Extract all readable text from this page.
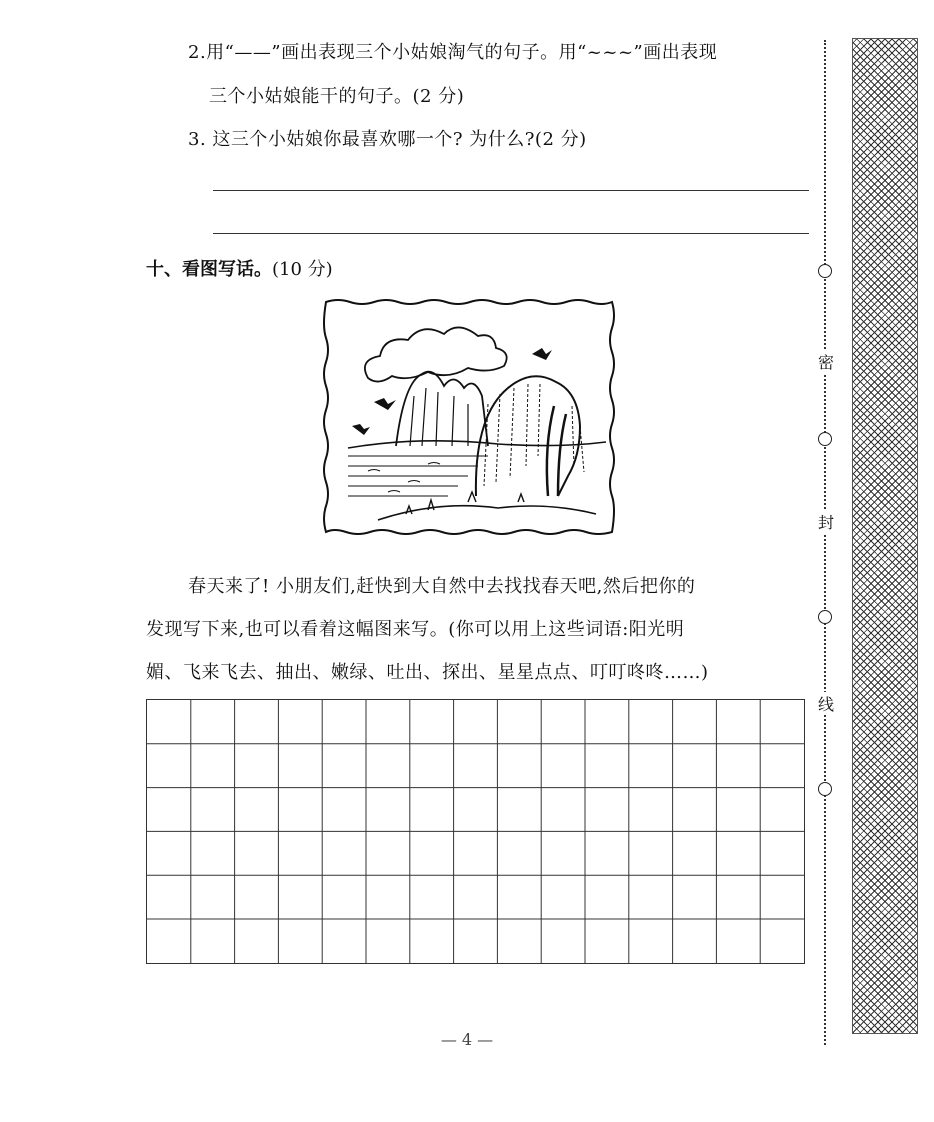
2.用“——”画出表现三个小姑娘淘气的句子。用“~~~”画出表现
三个小姑娘能干的句子。(2 分)
3. 这三个小姑娘你最喜欢哪一个? 为什么?(2 分)
十、看图写话。(10 分)
春天来了! 小朋友们,赶快到大自然中去找找春天吧,然后把你的
发现写下来,也可以看着这幅图来写。(你可以用上这些词语:阳光明
媚、飞来飞去、抽出、嫩绿、吐出、探出、星星点点、叮叮咚咚……)
密
封
线
— 4 —
